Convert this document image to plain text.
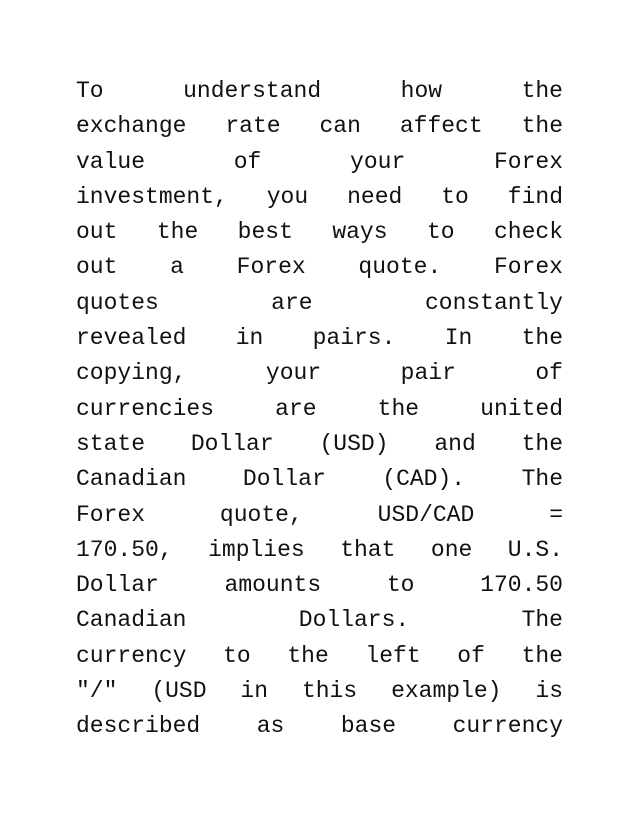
To understand how the
exchange rate can affect the
value of your Forex
investment, you need to find
out the best ways to check
out a Forex quote. Forex
quotes are constantly
revealed in pairs. In the
copying, your pair of
currencies are the united
state Dollar (USD) and the
Canadian Dollar (CAD). The
Forex quote, USD/CAD =
170.50, implies that one U.S.
Dollar amounts to 170.50
Canadian Dollars. The
currency to the left of the
"/" (USD in this example) is
described as base currency
